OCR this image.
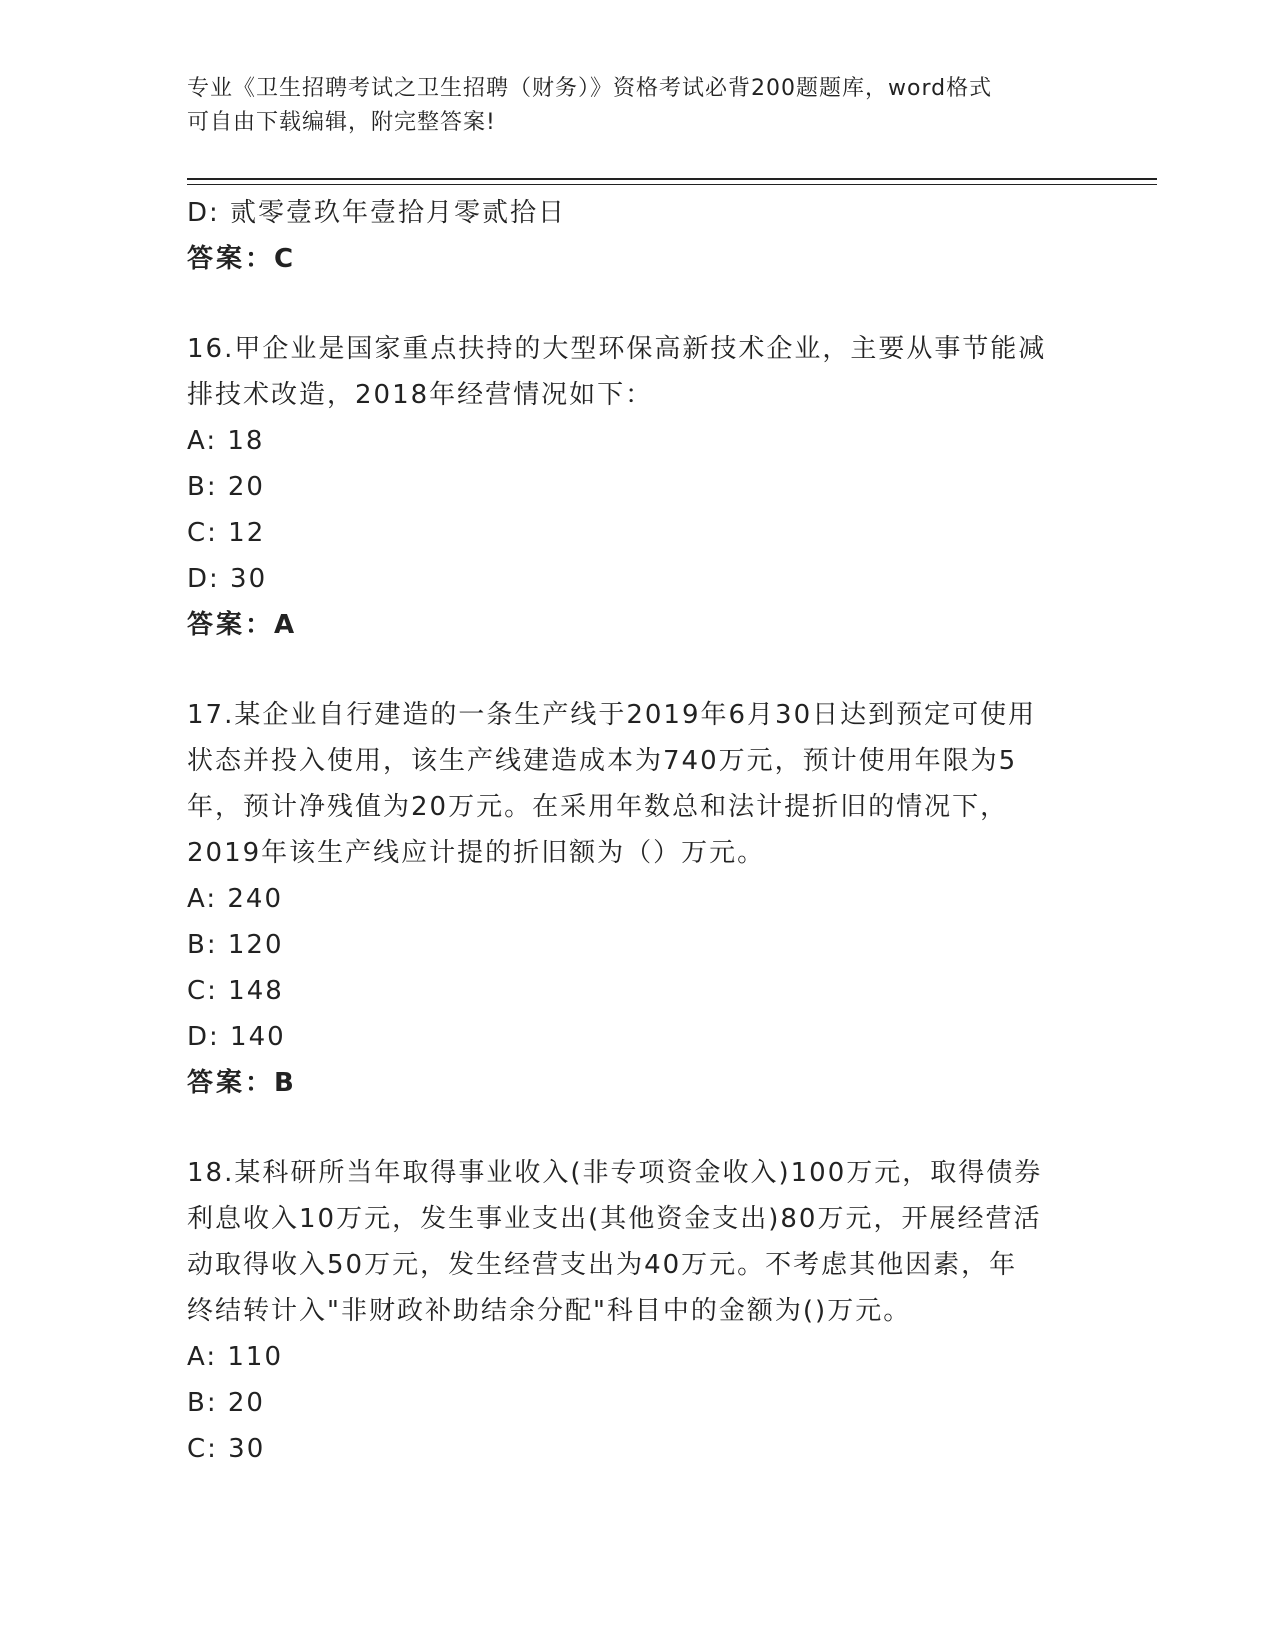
专业《卫生招聘考试之卫生招聘（财务）》资格考试必背200题题库，word格式
可自由下载编辑，附完整答案!
D: 贰零壹玖年壹拾月零贰拾日
答案：C
16.甲企业是国家重点扶持的大型环保高新技术企业，主要从事节能减
排技术改造，2018年经营情况如下：
A: 18
B: 20
C: 12
D: 30
答案：A
17.某企业自行建造的一条生产线于2019年6月30日达到预定可使用
状态并投入使用，该生产线建造成本为740万元，预计使用年限为5
年，预计净残值为20万元。在采用年数总和法计提折旧的情况下，
2019年该生产线应计提的折旧额为（）万元。
A: 240
B: 120
C: 148
D: 140
答案：B
18.某科研所当年取得事业收入(非专项资金收入)100万元，取得债券
利息收入10万元，发生事业支出(其他资金支出)80万元，开展经营活
动取得收入50万元，发生经营支出为40万元。不考虑其他因素，年
终结转计入"非财政补助结余分配"科目中的金额为()万元。
A: 110
B: 20
C: 30
